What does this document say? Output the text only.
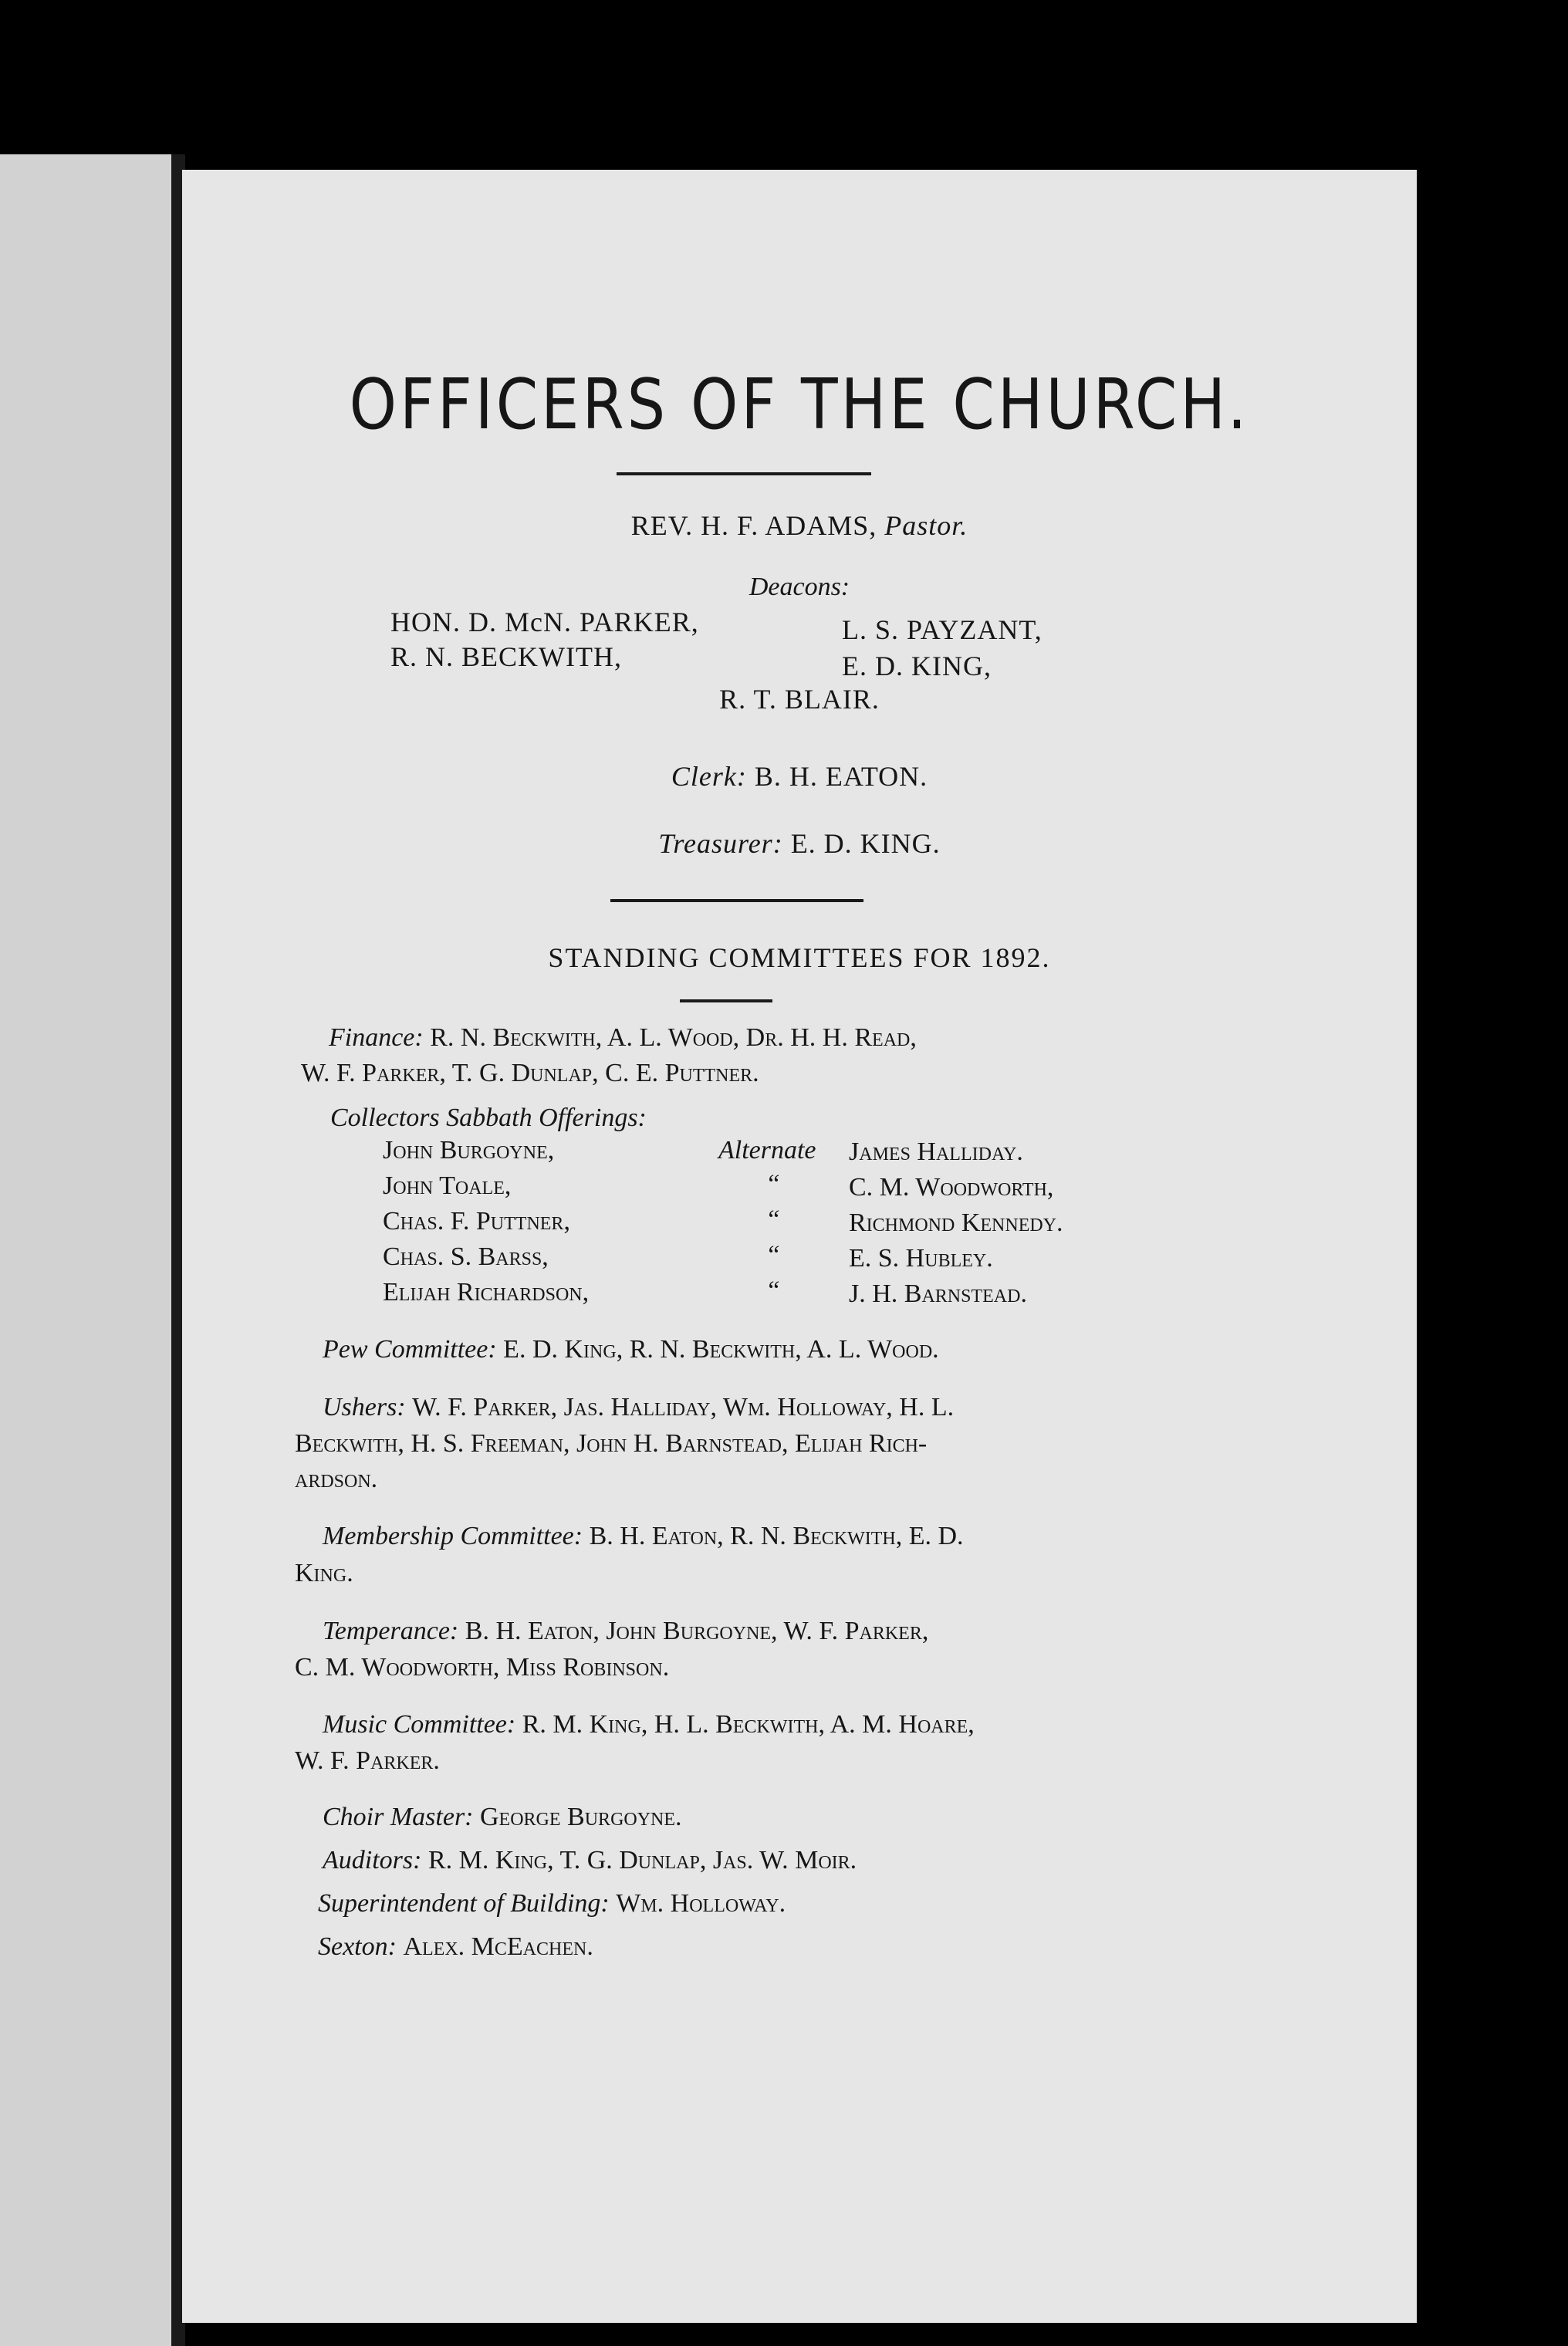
OFFICERS OF THE CHURCH.
REV. H. F. ADAMS, Pastor.
Deacons:
HON. D. McN. PARKER,	L. S. PAYZANT,
R. N. BECKWITH,	E. D. KING,
R. T. BLAIR.
Clerk: B. H. EATON.
Treasurer: E. D. KING.
STANDING COMMITTEES FOR 1892.
Finance: R. N. Beckwith, A. L. Wood, Dr. H. H. Read,
W. F. Parker, T. G. Dunlap, C. E. Puttner.
Collectors Sabbath Offerings:
John Burgoyne,	Alternate James Halliday.
John Toale,	“	C. M. Woodworth,
Chas. F. Puttner,	“	Richmond Kennedy.
Chas. S. Barss,	“	E. S. Hubley.
Elijah Richardson,	“	J. H. Barnstead.
Pew Committee: E. D. King, R. N. Beckwith, A. L. Wood.
Ushers: W. F. Parker, Jas. Halliday, Wm. Holloway, H. L.
Beckwith, H. S. Freeman, John H. Barnstead, Elijah Rich-
ardson.
Membership Committee: B. H. Eaton, R. N. Beckwith, E. D.
King.
Temperance: B. H. Eaton, John Burgoyne, W. F. Parker,
C. M. Woodworth, Miss Robinson.
Music Committee: R. M. King, H. L. Beckwith, A. M. Hoare,
W. F. Parker.
Choir Master: George Burgoyne.
Auditors: R. M. King, T. G. Dunlap, Jas. W. Moir.
Superintendent of Building: Wm. Holloway.
Sexton: Alex. McEachen.
